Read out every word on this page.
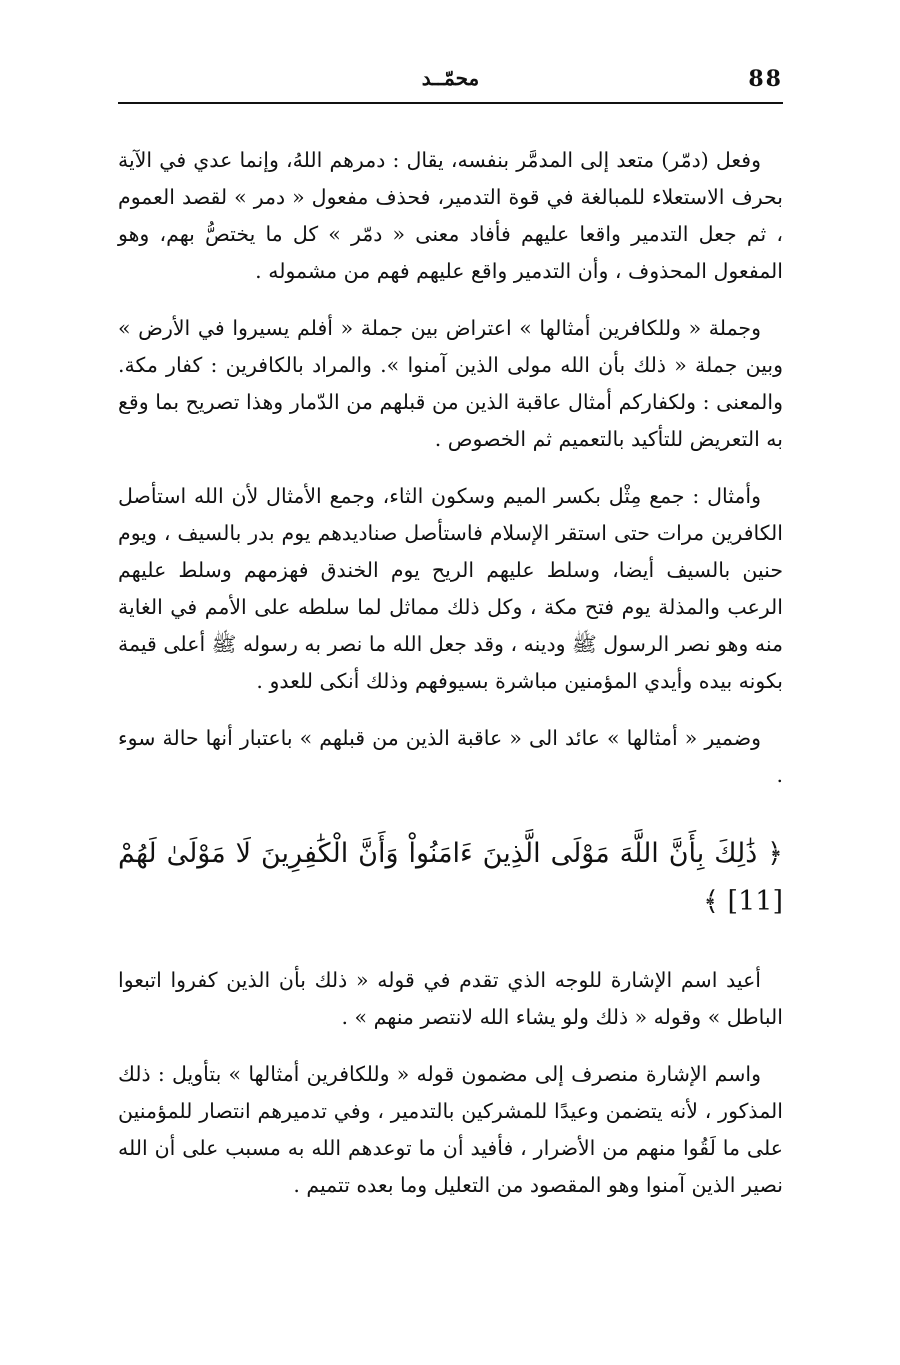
88
محمّــد

وفعل (دمّر) متعد إلى المدمَّر بنفسه، يقال : دمرهم اللهُ، وإنما عدي في الآية بحرف الاستعلاء للمبالغة في قوة التدمير، فحذف مفعول « دمر » لقصد العموم ، ثم جعل التدمير واقعا عليهم فأفاد معنى « دمّر » كل ما يختصُّ بهم، وهو المفعول المحذوف ، وأن التدمير واقع عليهم فهم من مشموله .

وجملة « وللكافرين أمثالها » اعتراض بين جملة « أفلم يسيروا في الأرض » وبين جملة « ذلك بأن الله مولى الذين آمنوا ». والمراد بالكافرين : كفار مكة. والمعنى : ولكفاركم أمثال عاقبة الذين من قبلهم من الدّمار وهذا تصريح بما وقع به التعريض للتأكيد بالتعميم ثم الخصوص .

وأمثال : جمع مِثْل بكسر الميم وسكون الثاء، وجمع الأمثال لأن الله استأصل الكافرين مرات حتى استقر الإسلام فاستأصل صناديدهم يوم بدر بالسيف ، ويوم حنين بالسيف أيضا، وسلط عليهم الريح يوم الخندق فهزمهم وسلط عليهم الرعب والمذلة يوم فتح مكة ، وكل ذلك مماثل لما سلطه على الأمم في الغاية منه وهو نصر الرسول ﷺ ودينه ، وقد جعل الله ما نصر به رسوله ﷺ أعلى قيمة بكونه بيده وأيدي المؤمنين مباشرة بسيوفهم وذلك أنكى للعدو .

وضمير « أمثالها » عائد الى « عاقبة الذين من قبلهم » باعتبار أنها حالة سوء .

﴿ ذَٰلِكَ بِأَنَّ اللَّهَ مَوْلَى الَّذِينَ ءَامَنُواْ وَأَنَّ الْكَٰفِرِينَ لَا مَوْلَىٰ لَهُمْ [11] ﴾

أعيد اسم الإشارة للوجه الذي تقدم في قوله « ذلك بأن الذين كفروا اتبعوا الباطل » وقوله « ذلك ولو يشاء الله لانتصر منهم » .

واسم الإشارة منصرف إلى مضمون قوله « وللكافرين أمثالها » بتأويل : ذلك المذكور ، لأنه يتضمن وعيدًا للمشركين بالتدمير ، وفي تدميرهم انتصار للمؤمنين على ما لَقُوا منهم من الأضرار ، فأفيد أن ما توعدهم الله به مسبب على أن الله نصير الذين آمنوا وهو المقصود من التعليل وما بعده تتميم .
